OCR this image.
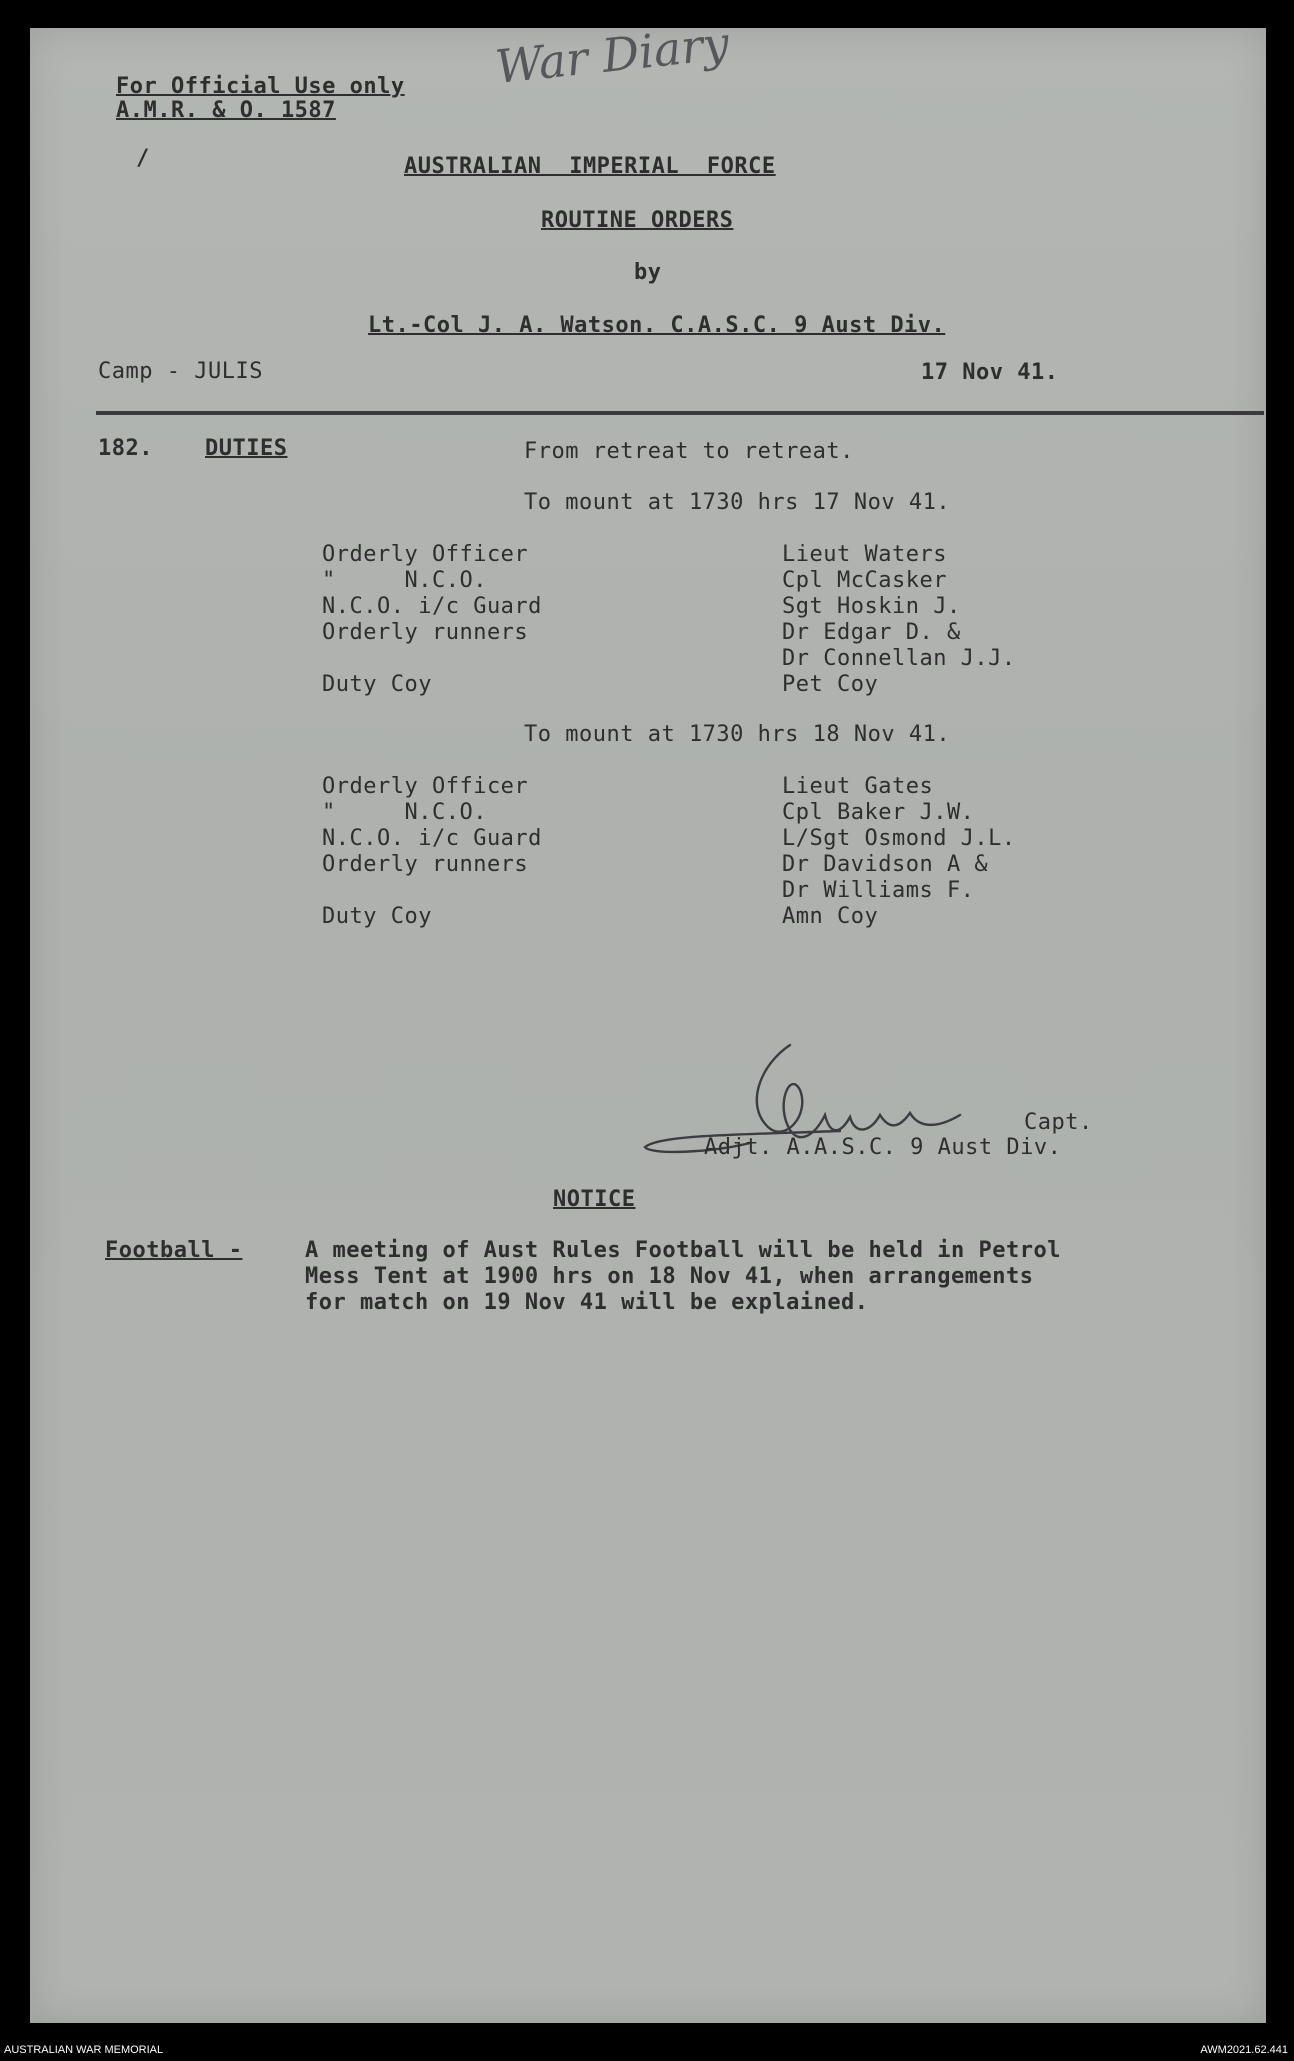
War Diary
For Official Use only
A.M.R. & O. 1587
/	AUSTRALIAN IMPERIAL FORCE
ROUTINE ORDERS
by
Lt.-Col J. A. Watson. C.A.S.C. 9 Aust Div.
Camp - JULIS	17 Nov 41.
182. DUTIES	From retreat to retreat.
To mount at 1730 hrs 17 Nov 41.
Orderly Officer	Lieut Waters
"     N.C.O.	Cpl McCasker
N.C.O. i/c Guard	Sgt Hoskin J.
Orderly runners	Dr Edgar D. &
Dr Connellan J.J.
Duty Coy	Pet Coy
To mount at 1730 hrs 18 Nov 41.
Orderly Officer	Lieut Gates
"     N.C.O.	Cpl Baker J.W.
N.C.O. i/c Guard	L/Sgt Osmond J.L.
Orderly runners	Dr Davidson A &
Dr Williams F.
Duty Coy	Amn Coy
Capt.
Adjt. A.A.S.C. 9 Aust Div.
NOTICE
Football -	A meeting of Aust Rules Football will be held in Petrol
Mess Tent at 1900 hrs on 18 Nov 41, when arrangements
for match on 19 Nov 41 will be explained.
AUSTRALIAN WAR MEMORIAL	AWM2021.62.441
